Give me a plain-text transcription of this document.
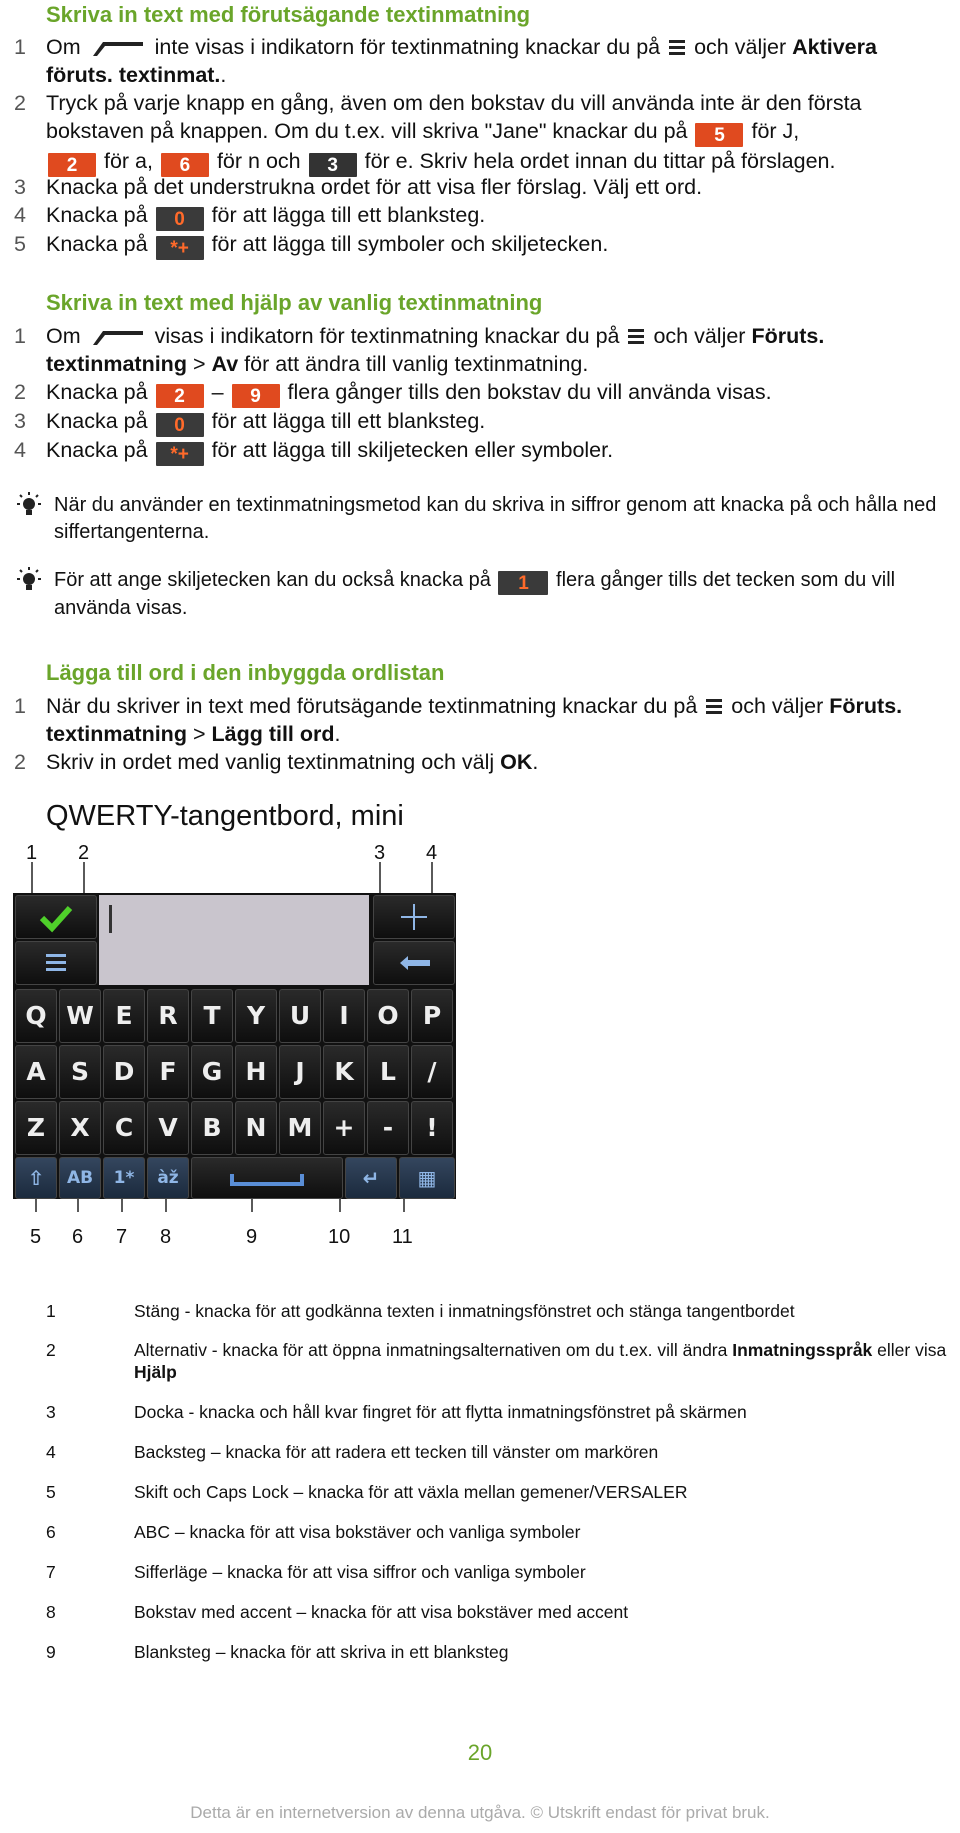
Skriva in text med förutsägande textinmatning
1 Om	inte visas i indikatorn för textinmatning knackar du på och väljer Aktivera föruts. textinmat..
2 Tryck på varje knapp en gång, även om den bokstav du vill använda inte är den första
bokstaven på knappen. Om du t.ex. vill skriva "Jane" knackar du på 5 för J,
2 för a, 6 för n och 3 för e. Skriv hela ordet innan du tittar på förslagen.
3 Knacka på det understrukna ordet för att visa fler förslag. Välj ett ord.
4 Knacka på 0 för att lägga till ett blanksteg.
5 Knacka på *+ för att lägga till symboler och skiljetecken.
Skriva in text med hjälp av vanlig textinmatning
1 Om	visas i indikatorn för textinmatning knackar du på och väljer Föruts. textinmatning > Av för att ändra till vanlig textinmatning.
2 Knacka på 2 – 9 flera gånger tills den bokstav du vill använda visas.
3 Knacka på 0 för att lägga till ett blanksteg.
4 Knacka på *+ för att lägga till skiljetecken eller symboler.
När du använder en textinmatningsmetod kan du skriva in siffror genom att knacka på och hålla ned siffertangenterna.
För att ange skiljetecken kan du också knacka på 1 flera gånger tills det tecken som du vill använda visas.
Lägga till ord i den inbyggda ordlistan
1 När du skriver in text med förutsägande textinmatning knackar du på och väljer Föruts. textinmatning > Lägg till ord.
2 Skriv in ordet med vanlig textinmatning och välj OK.
QWERTY-tangentbord, mini
1 2	3 4
⇧	AB	1*	àž	↵	▦
Q W E	R	T	Y U	I	O P
A	S D	F	G H	J	K	L	/
Z	X	C	V B N M +	-	!
5 6 7 8	9	10 11
1	Stäng - knacka för att godkänna texten i inmatningsfönstret och stänga tangentbordet
2	Alternativ - knacka för att öppna inmatningsalternativen om du t.ex. vill ändra Inmatningsspråk eller visa Hjälp
3	Docka - knacka och håll kvar fingret för att flytta inmatningsfönstret på skärmen
4	Backsteg – knacka för att radera ett tecken till vänster om markören
5	Skift och Caps Lock – knacka för att växla mellan gemener/VERSALER
6	ABC – knacka för att visa bokstäver och vanliga symboler
7	Sifferläge – knacka för att visa siffror och vanliga symboler
8	Bokstav med accent – knacka för att visa bokstäver med accent
9	Blanksteg – knacka för att skriva in ett blanksteg
20
Detta är en internetversion av denna utgåva. © Utskrift endast för privat bruk.
